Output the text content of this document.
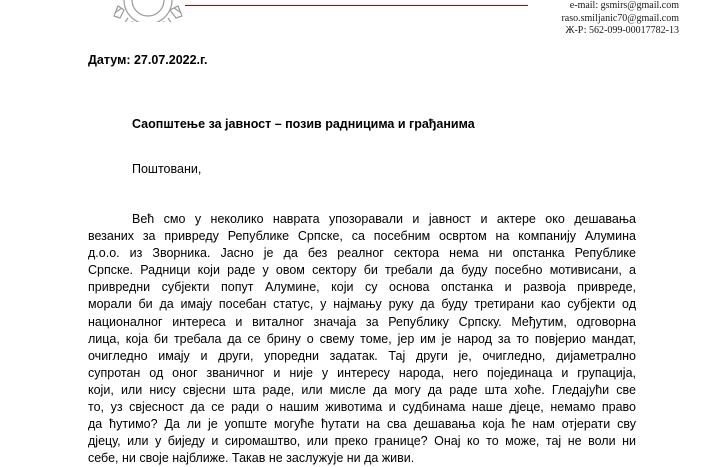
e-mail: gsmirs@gmail.com
raso.smiljanic70@gmail.com
Ж-Р: 562-099-00017782-13
Датум: 27.07.2022.г.
Саопштење за јавност – позив радницима и грађанима
Поштовани,
Већ смо у неколико наврата упозоравали и јавност и актере око дешавања
везаних за привреду Републике Српске, са посебним освртом на компанију Алумина
д.о.о. из Зворника. Јасно је да без реалног сектора нема ни опстанка Републике
Српске. Радници који раде у овом сектору би требали да буду посебно мотивисани, а
привредни субјекти попут Алумине, који су основа опстанка и развоја привреде,
морали би да имају посебан статус, у најмању руку да буду третирани као субјекти од
националног интереса и виталног значаја за Републику Српску. Међутим, одговорна
лица, која би требала да се брину о свему томе, јер им је народ за то повјерио мандат,
очигледно имају и други, упоредни задатак. Тај други је, очигледно, дијаметрално
супротан од оног званичног и није у интересу народа, него појединаца и групација,
који, или нису свјесни шта раде, или мисле да могу да раде шта хоће. Гледајући све
то, уз свјесност да се ради о нашим животима и судбинама наше дјеце, немамо право
да ћутимо? Да ли је уопште могуће ћутати на сва дешавања која ће нам отјерати сву
дјецу, или у биједу и сиромаштво, или преко границе? Онај ко то може, тај не воли ни
себе, ни своје најближе. Такав не заслужује ни да живи.
